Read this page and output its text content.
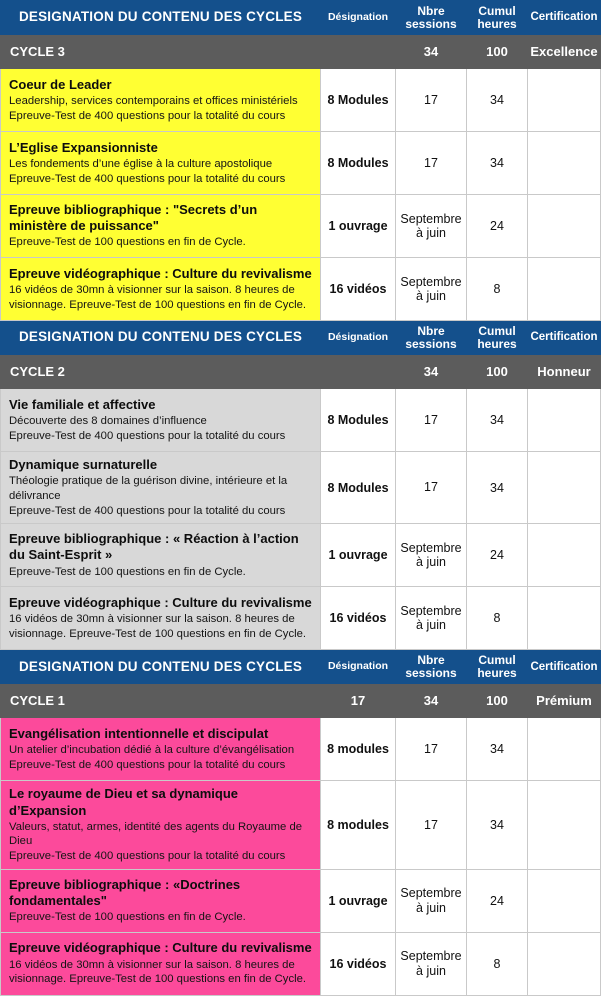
DESIGNATION DU CONTENU DES CYCLES	Désignation	Nbre
sessions	Cumul
heures	Certification
CYCLE 3		34	100	Excellence

Coeur de Leader
Leadership, services contemporains et offices ministériels
Epreuve-Test de 400 questions pour la totalité du cours	8 Modules	17	34	

L’Eglise Expansionniste
Les fondements d’une église à la culture apostolique
Epreuve-Test de 400 questions pour la totalité du cours	8 Modules	17	34	

Epreuve bibliographique : "Secrets d’un ministère de puissance"
Epreuve-Test de 100 questions en fin de Cycle.	1 ouvrage	Septembre
à juin	24	

Epreuve vidéographique : Culture du revivalisme
16 vidéos de 30mn à visionner sur la saison. 8 heures de
visionnage. Epreuve-Test de 100 questions en fin de Cycle.	16 vidéos	Septembre
à juin	8	
DESIGNATION DU CONTENU DES CYCLES	Désignation	Nbre
sessions	Cumul
heures	Certification
CYCLE 2		34	100	Honneur

Vie familiale et affective
Découverte des 8 domaines d’influence
Epreuve-Test de 400 questions pour la totalité du cours	8 Modules	17	34	

Dynamique surnaturelle
Théologie pratique de la guérison divine, intérieure et la délivrance
Epreuve-Test de 400 questions pour la totalité du cours	8 Modules	17	34	

Epreuve bibliographique : « Réaction à l’action du Saint-Esprit »
Epreuve-Test de 100 questions en fin de Cycle.	1 ouvrage	Septembre
à juin	24	

Epreuve vidéographique : Culture du revivalisme
16 vidéos de 30mn à visionner sur la saison. 8 heures de
visionnage. Epreuve-Test de 100 questions en fin de Cycle.	16 vidéos	Septembre
à juin	8	
DESIGNATION DU CONTENU DES CYCLES	Désignation	Nbre
sessions	Cumul
heures	Certification
CYCLE 1	17	34	100	Prémium

Evangélisation intentionnelle et discipulat
Un atelier d’incubation dédié à la culture d’évangélisation
Epreuve-Test de 400 questions pour la totalité du cours	8 modules	17	34	

Le royaume de Dieu et sa dynamique d’Expansion
Valeurs, statut, armes, identité des agents du Royaume de Dieu
Epreuve-Test de 400 questions pour la totalité du cours	8 modules	17	34	

Epreuve bibliographique : «Doctrines fondamentales"
Epreuve-Test de 100 questions en fin de Cycle.	1 ouvrage	Septembre
à juin	24	

Epreuve vidéographique : Culture du revivalisme
16 vidéos de 30mn à visionner sur la saison. 8 heures de
visionnage. Epreuve-Test de 100 questions en fin de Cycle.	16 vidéos	Septembre
à juin	8	
